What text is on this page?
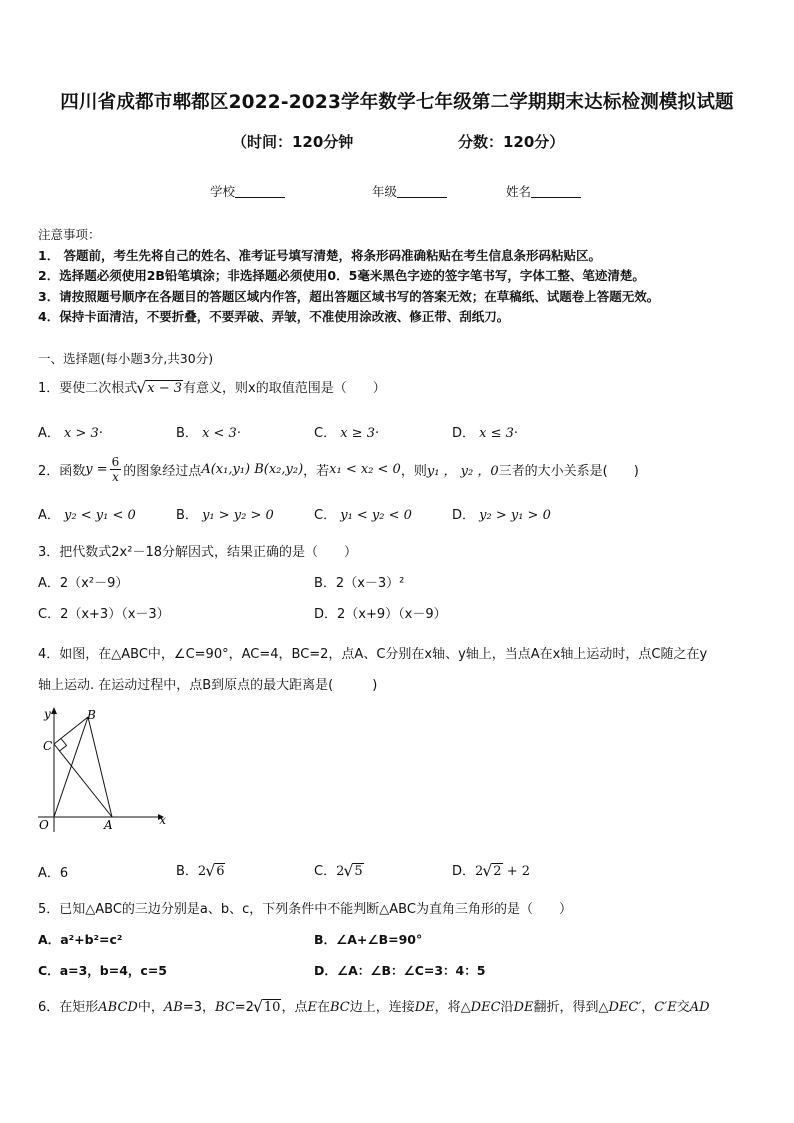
四川省成都市郫都区2022-2023学年数学七年级第二学期期末达标检测模拟试题
（时间：120分钟	分数：120分）
学校	年级	姓名
注意事项：
1． 答题前，考生先将自己的姓名、准考证号填写清楚，将条形码准确粘贴在考生信息条形码粘贴区。
2．选择题必须使用2B铅笔填涂；非选择题必须使用0．5毫米黑色字迹的签字笔书写，字体工整、笔迹清楚。
3．请按照题号顺序在各题目的答题区域内作答，超出答题区域书写的答案无效；在草稿纸、试题卷上答题无效。
4．保持卡面清洁，不要折叠，不要弄破、弄皱，不准使用涂改液、修正带、刮纸刀。
一、选择题(每小题3分,共30分)
1．要使二次根式 √ x − 3有意义，则x的取值范围是（　　）
A． x > 3·	B． x < 3·	C． x ≥ 3·	D． x ≤ 3·
2．函数 $y = \frac{6}{x}$ 的图象经过点 A(x₁,y₁) B(x₂,y₂) ，若 x₁ < x₂ < 0 ，则 y₁ ， y₂ ，0 三者的大小关系是(　　)
A． y₂ < y₁ < 0	B． y₁ > y₂ > 0	C． y₁ < y₂ < 0	D． y₂ > y₁ > 0
3．把代数式2x²－18分解因式，结果正确的是（　　）
A．2（x²－9）	B．2（x－3）²
C．2（x+3）（x－3）	D．2（x+9）（x－9）
4．如图，在△ABC中，∠C=90°，AC=4，BC=2，点A、C分别在x轴、y轴上，当点A在x轴上运动时，点C随之在y
轴上运动. 在运动过程中，点B到原点的最大距离是(　　　)
y
x
O	A
B
C
A．6	B．2 √ 6	C．2 √ 5	D．2 √ 2 + 2
5．已知△ABC的三边分别是a、b、c，下列条件中不能判断△ABC为直角三角形的是（　　）
A．a²+b²=c²	B．∠A+∠B=90°
C．a=3，b=4，c=5	D．∠A：∠B：∠C=3：4：5
6．在矩形ABCD中，AB=3，BC=2 √ 10，点E在BC边上，连接DE，将△DEC沿DE翻折，得到△DEC′，C′E交AD
